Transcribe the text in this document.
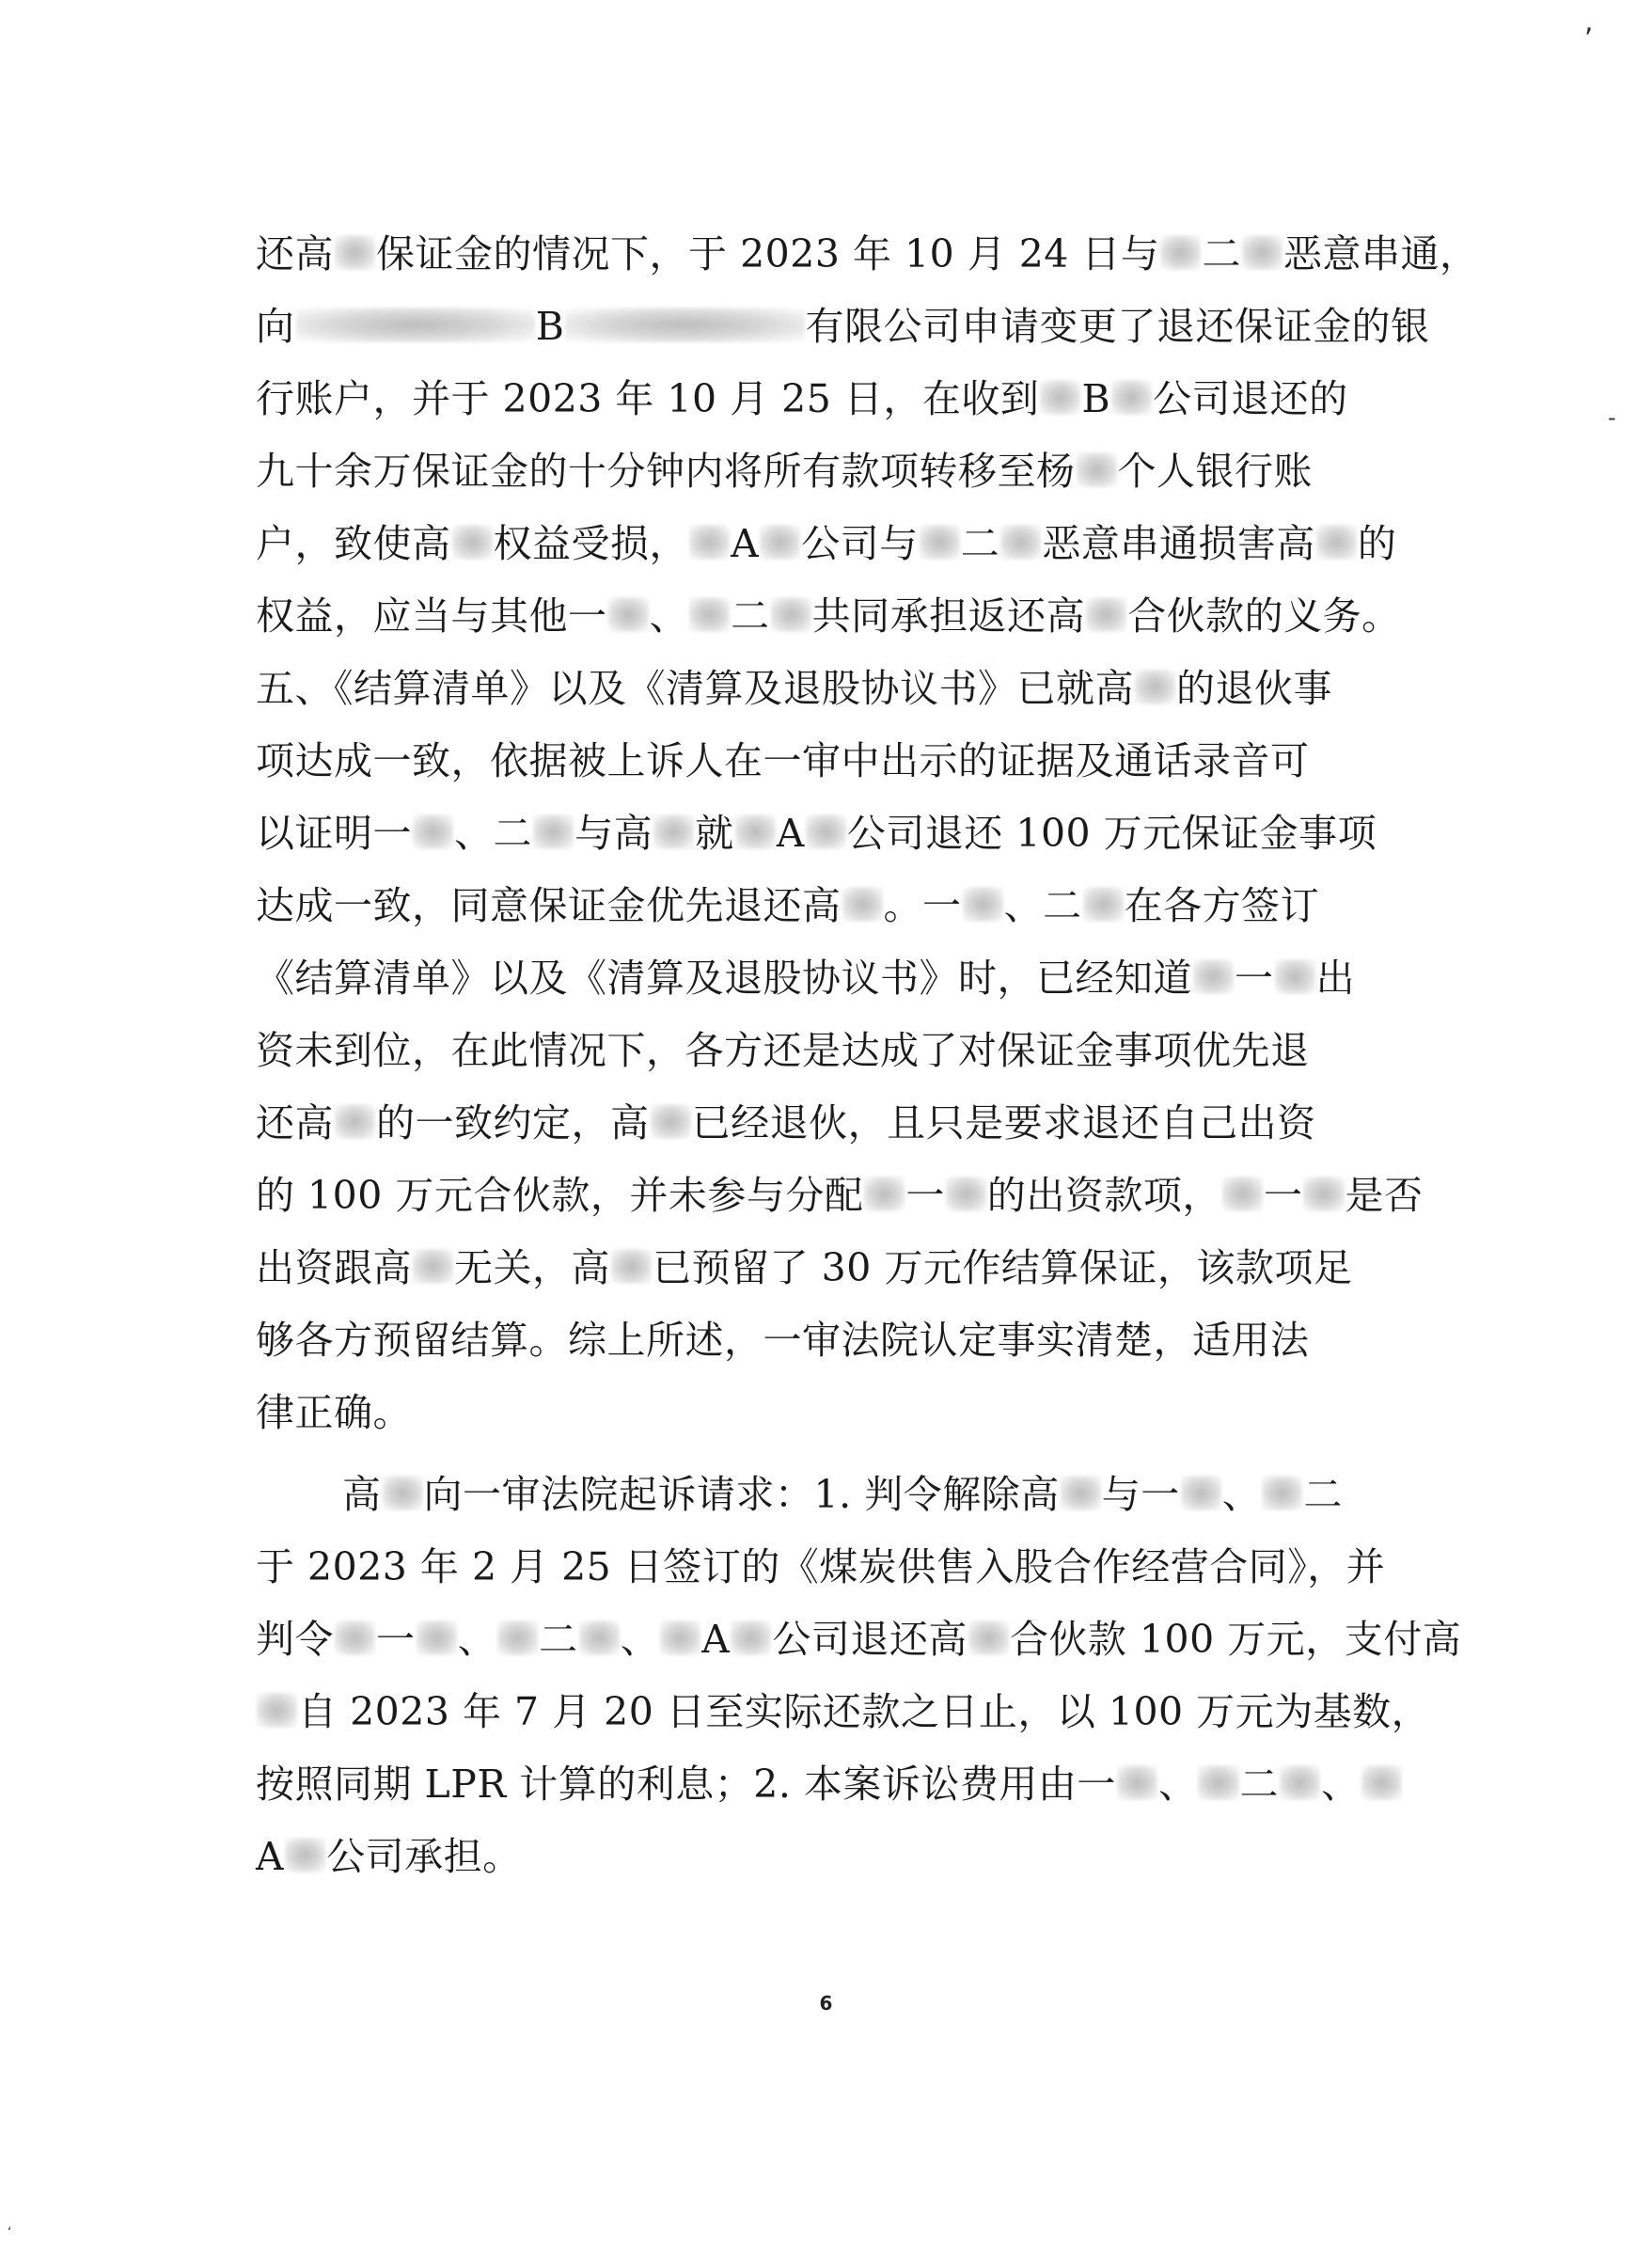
,
-
ʻ
还高 保证金的情况下，于 2023 年 10 月 24 日与 二 恶意串通，
向	B	有限公司申请变更了退还保证金的银
行账户，并于 2023 年 10 月 25 日，在收到 B 公司退还的
九十余万保证金的十分钟内将所有款项转移至杨 个人银行账
户，致使高 权益受损， A 公司与 二 恶意串通损害高 的
权益，应当与其他一 、 二 共同承担返还高 合伙款的义务。
五、《结算清单》以及《清算及退股协议书》已就高 的退伙事
项达成一致，依据被上诉人在一审中出示的证据及通话录音可
以证明一 、二 与高 就 A 公司退还 100 万元保证金事项
达成一致，同意保证金优先退还高 。一 、二 在各方签订
《结算清单》以及《清算及退股协议书》时，已经知道 一 出
资未到位，在此情况下，各方还是达成了对保证金事项优先退
还高 的一致约定，高 已经退伙，且只是要求退还自己出资
的 100 万元合伙款，并未参与分配 一 的出资款项， 一 是否
出资跟高 无关，高 已预留了 30 万元作结算保证，该款项足
够各方预留结算。综上所述，一审法院认定事实清楚，适用法
律正确。
高 向一审法院起诉请求：1. 判令解除高 与一 、 二
于 2023 年 2 月 25 日签订的《煤炭供售入股合作经营合同》，并
判令 一 、 二 、 A 公司退还高 合伙款 100 万元，支付高
自 2023 年 7 月 20 日至实际还款之日止，以 100 万元为基数，
按照同期 LPR 计算的利息；2. 本案诉讼费用由一 、 二 、
A 公司承担。
6
